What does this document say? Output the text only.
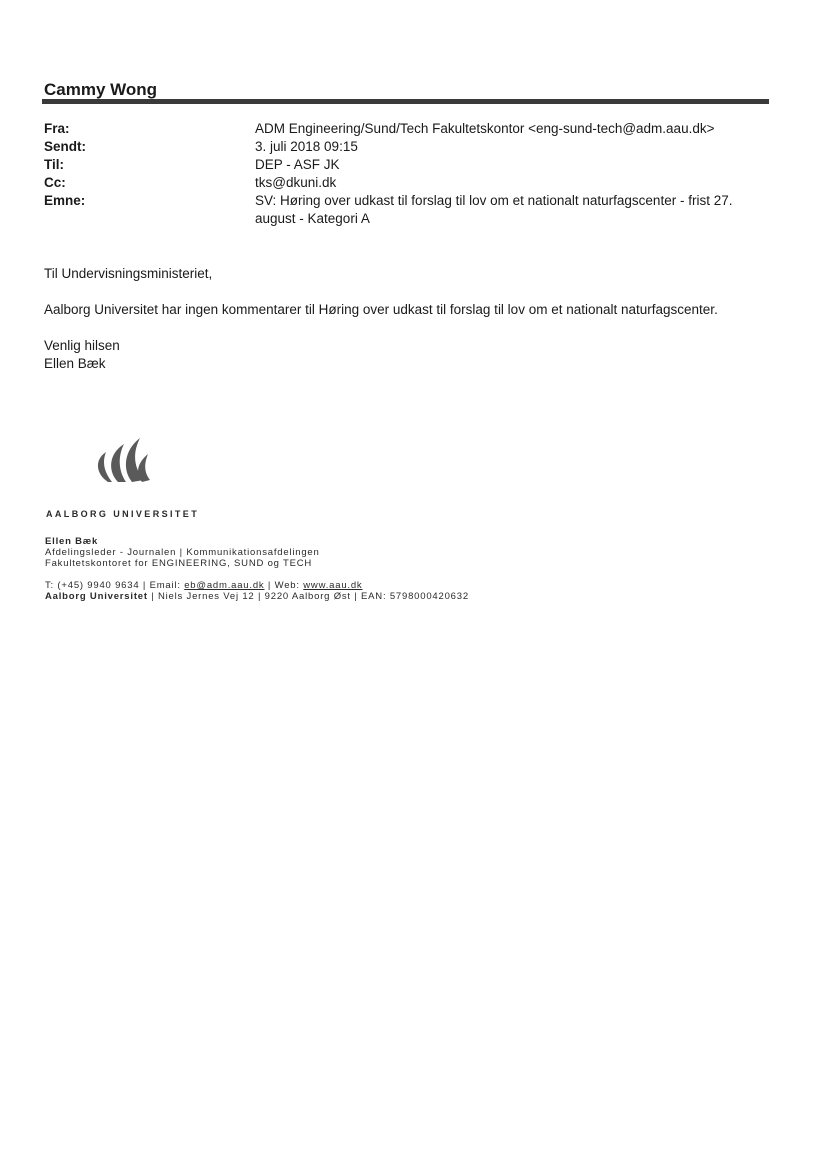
Cammy Wong
Fra:	ADM Engineering/Sund/Tech Fakultetskontor <eng-sund-tech@adm.aau.dk>
Sendt:	3. juli 2018 09:15
Til:	DEP - ASF JK
Cc:	tks@dkuni.dk
Emne:	SV: Høring over udkast til forslag til lov om et nationalt naturfagscenter - frist 27.
august - Kategori A

Til Undervisningsministeriet,

Aalborg Universitet har ingen kommentarer til Høring over udkast til forslag til lov om et nationalt naturfagscenter.

Venlig hilsen

Ellen Bæk

AALBORG UNIVERSITET
Ellen Bæk
Afdelingsleder - Journalen | Kommunikationsafdelingen
Fakultetskontoret for ENGINEERING, SUND og TECH
T: (+45) 9940 9634 | Email: eb@adm.aau.dk | Web: www.aau.dk
Aalborg Universitet | Niels Jernes Vej 12 | 9220 Aalborg Øst | EAN: 5798000420632
